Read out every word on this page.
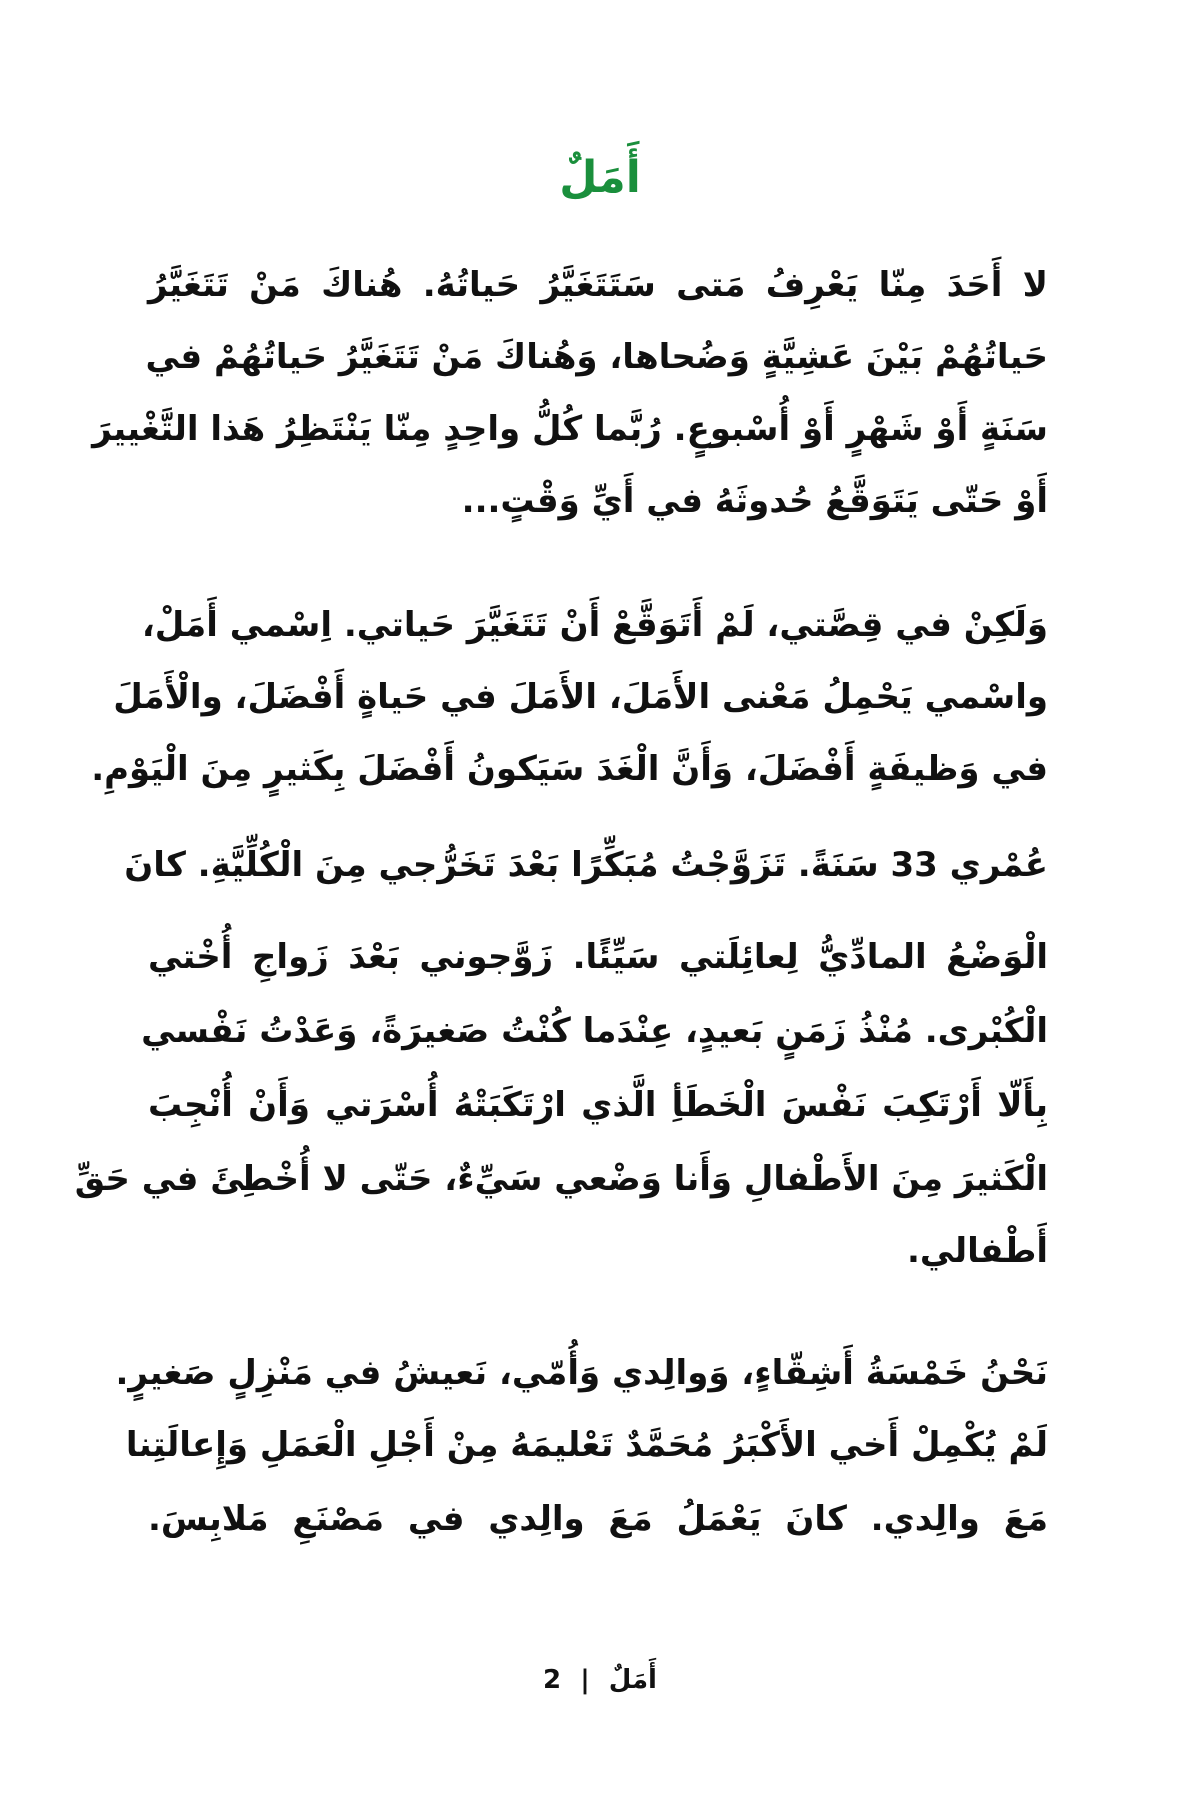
أَمَلٌ
لا أَحَدَ مِنّا يَعْرِفُ مَتى سَتَتَغَيَّرُ حَياتُهُ. هُناكَ مَنْ تَتَغَيَّرُ
حَياتُهُمْ بَيْنَ عَشِيَّةٍ وَضُحاها، وَهُناكَ مَنْ تَتَغَيَّرُ حَياتُهُمْ في
سَنَةٍ أَوْ شَهْرٍ أَوْ أُسْبوعٍ. رُبَّما كُلُّ واحِدٍ مِنّا يَنْتَظِرُ هَذا التَّغْييرَ
أَوْ حَتّى يَتَوَقَّعُ حُدوثَهُ في أَيِّ وَقْتٍ...
وَلَكِنْ في قِصَّتي، لَمْ أَتَوَقَّعْ أَنْ تَتَغَيَّرَ حَياتي. اِسْمي أَمَلْ،
واسْمي يَحْمِلُ مَعْنى الأَمَلَ، الأَمَلَ في حَياةٍ أَفْضَلَ، والْأَمَلَ
في وَظيفَةٍ أَفْضَلَ، وَأَنَّ الْغَدَ سَيَكونُ أَفْضَلَ بِكَثيرٍ مِنَ الْيَوْمِ.
عُمْري 33 سَنَةً. تَزَوَّجْتُ مُبَكِّرًا بَعْدَ تَخَرُّجي مِنَ الْكُلِّيَّةِ. كانَ
الْوَضْعُ المادِّيُّ لِعائِلَتي سَيِّئًا. زَوَّجوني بَعْدَ زَواجِ أُخْتي
الْكُبْرى. مُنْذُ زَمَنٍ بَعيدٍ، عِنْدَما كُنْتُ صَغيرَةً، وَعَدْتُ نَفْسي
بِأَلّا أَرْتَكِبَ نَفْسَ الْخَطَأِ الَّذي ارْتَكَبَتْهُ أُسْرَتي وَأَنْ أُنْجِبَ
الْكَثيرَ مِنَ الأَطْفالِ وَأَنا وَضْعي سَيِّءٌ، حَتّى لا أُخْطِئَ في حَقِّ
أَطْفالي.
نَحْنُ خَمْسَةُ أَشِقّاءٍ، وَوالِدي وَأُمّي، نَعيشُ في مَنْزِلٍ صَغيرٍ.
لَمْ يُكْمِلْ أَخي الأَكْبَرُ مُحَمَّدٌ تَعْليمَهُ مِنْ أَجْلِ الْعَمَلِ وَإِعالَتِنا
مَعَ والِدي. كانَ يَعْمَلُ مَعَ والِدي في مَصْنَعِ مَلابِسَ.
أَمَلٌ | 2
